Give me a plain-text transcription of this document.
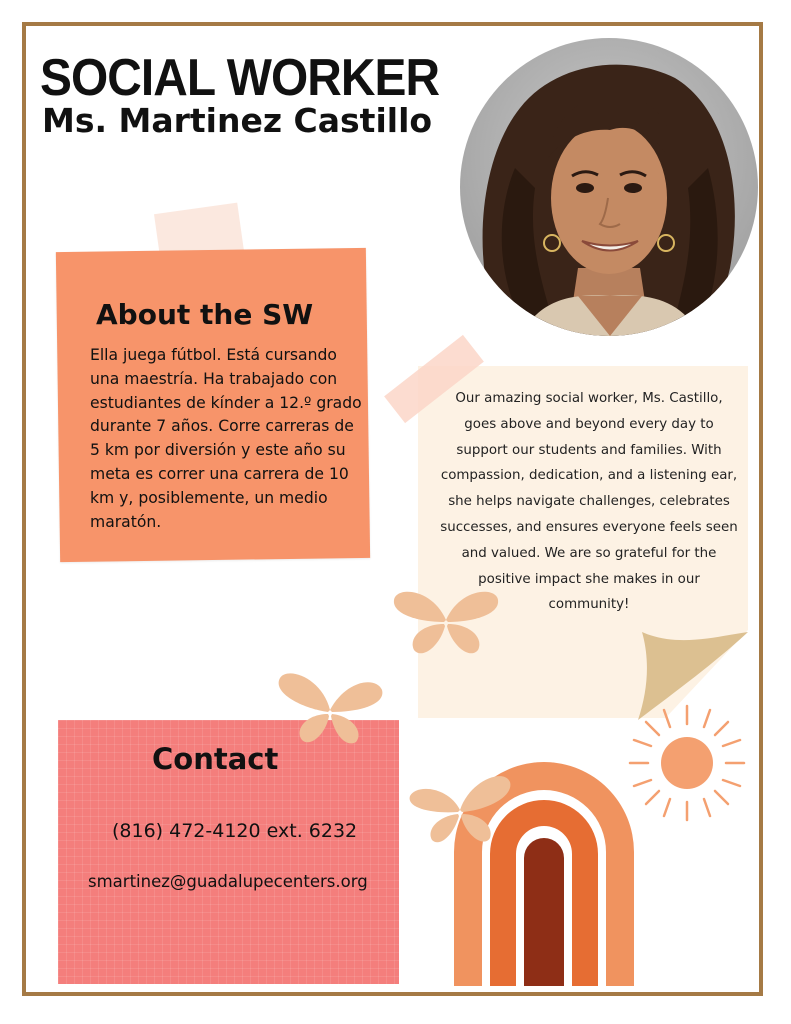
SOCIAL WORKER
Ms. Martinez Castillo
About the SW

Ella juega fútbol. Está cursando una maestría. Ha trabajado con estudiantes de kínder a 12.º grado durante 7 años. Corre carreras de 5 km por diversión y este año su meta es correr una carrera de 10 km y, posiblemente, un medio maratón.

Our amazing social worker, Ms. Castillo, goes above and beyond every day to support our students and families. With compassion, dedication, and a listening ear, she helps navigate challenges, celebrates successes, and ensures everyone feels seen and valued. We are so grateful for the positive impact she makes in our community!

Contact

(816) 472-4120 ext. 6232

smartinez@guadalupecenters.org
